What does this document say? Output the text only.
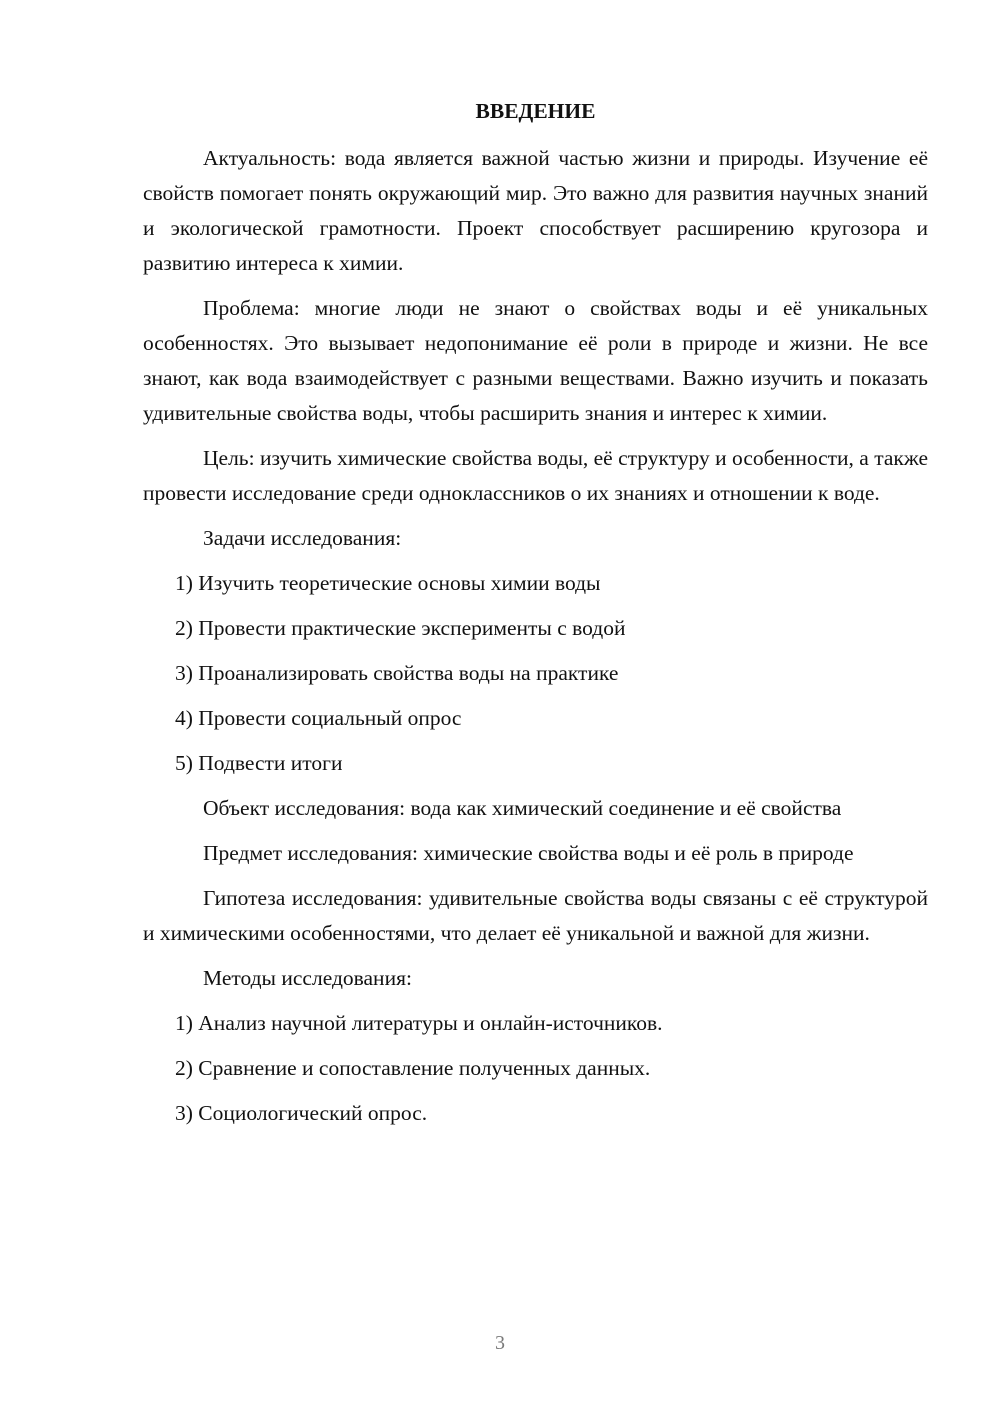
ВВЕДЕНИЕ

Актуальность: вода является важной частью жизни и природы. Изучение её свойств помогает понять окружающий мир. Это важно для развития научных знаний и экологической грамотности. Проект способствует расширению кругозора и развитию интереса к химии.

Проблема: многие люди не знают о свойствах воды и её уникальных особенностях. Это вызывает недопонимание её роли в природе и жизни. Не все знают, как вода взаимодействует с разными веществами. Важно изучить и показать удивительные свойства воды, чтобы расширить знания и интерес к химии.

Цель: изучить химические свойства воды, её структуру и особенности, а также провести исследование среди одноклассников о их знаниях и отношении к воде.

Задачи исследования:
1) Изучить теоретические основы химии воды
2) Провести практические эксперименты с водой
3) Проанализировать свойства воды на практике
4) Провести социальный опрос
5) Подвести итоги

Объект исследования: вода как химический соединение и её свойства

Предмет исследования: химические свойства воды и её роль в природе

Гипотеза исследования: удивительные свойства воды связаны с её структурой и химическими особенностями, что делает её уникальной и важной для жизни.

Методы исследования:
1) Анализ научной литературы и онлайн-источников.
2) Сравнение и сопоставление полученных данных.
3) Социологический опрос.
3
